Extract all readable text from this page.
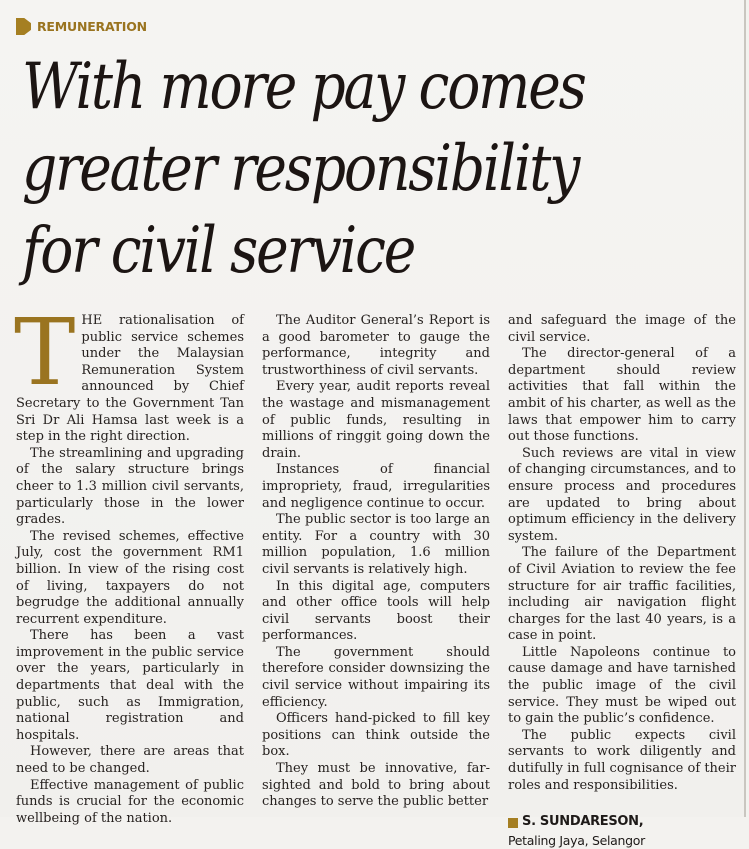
REMUNERATION
With more pay comes
greater responsibility
for civil service

THE rationalisation of public service schemes under the Malaysian Remuneration System announced by Chief Secretary to the Government Tan Sri Dr Ali Hamsa last week is a step in the right direction.

The streamlining and upgrading of the salary structure brings cheer to 1.3 million civil servants, particularly those in the lower grades.

The revised schemes, effective July, cost the government RM1 billion. In view of the rising cost of living, taxpayers do not begrudge the additional annually recurrent expenditure.

There has been a vast improvement in the public service over the years, particularly in departments that deal with the public, such as Immigration, national registration and hospitals.

However, there are areas that need to be changed.

Effective management of public funds is crucial for the economic wellbeing of the nation.

The Auditor General’s Report is a good barometer to gauge the performance, integrity and trustworthiness of civil servants.

Every year, audit reports reveal the wastage and mismanagement of public funds, resulting in millions of ringgit going down the drain.

Instances of financial impropriety, fraud, irregularities and negligence continue to occur.

The public sector is too large an entity. For a country with 30 million population, 1.6 million civil servants is relatively high.

In this digital age, computers and other office tools will help civil servants boost their performances.

The government should therefore consider downsizing the civil service without impairing its efficiency.

Officers hand-picked to fill key positions can think outside the box.

They must be innovative, far-sighted and bold to bring about changes to serve the public better

and safeguard the image of the civil service.

The director-general of a department should review activities that fall within the ambit of his charter, as well as the laws that empower him to carry out those functions.

Such reviews are vital in view of changing circumstances, and to ensure process and procedures are updated to bring about optimum efficiency in the delivery system.

The failure of the Department of Civil Aviation to review the fee structure for air traffic facilities, including air navigation flight charges for the last 40 years, is a case in point.

Little Napoleons continue to cause damage and have tarnished the public image of the civil service. They must be wiped out to gain the public’s confidence.

The public expects civil servants to work diligently and dutifully in full cognisance of their roles and responsibilities.

S. SUNDARESON,
Petaling Jaya, Selangor
